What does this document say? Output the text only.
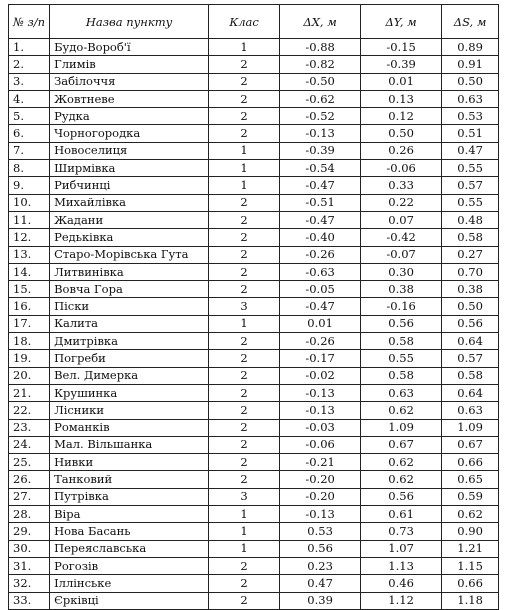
№ з/п	Назва пункту	Клас	ΔX, м	ΔY, м	ΔS, м
1.	Будо-Вороб'ї	1	-0.88	-0.15	0.89
2.	Глимів	2	-0.82	-0.39	0.91
3.	Забілоччя	2	-0.50	0.01	0.50
4.	Жовтневе	2	-0.62	0.13	0.63
5.	Рудка	2	-0.52	0.12	0.53
6.	Чорногородка	2	-0.13	0.50	0.51
7.	Новоселиця	1	-0.39	0.26	0.47
8.	Ширмівка	1	-0.54	-0.06	0.55
9.	Рибчинці	1	-0.47	0.33	0.57
10.	Михайлівка	2	-0.51	0.22	0.55
11.	Жадани	2	-0.47	0.07	0.48
12.	Редьківка	2	-0.40	-0.42	0.58
13.	Старо-Морівська Гута	2	-0.26	-0.07	0.27
14.	Литвинівка	2	-0.63	0.30	0.70
15.	Вовча Гора	2	-0.05	0.38	0.38
16.	Піски	3	-0.47	-0.16	0.50
17.	Калита	1	0.01	0.56	0.56
18.	Дмитрівка	2	-0.26	0.58	0.64
19.	Погреби	2	-0.17	0.55	0.57
20.	Вел. Димерка	2	-0.02	0.58	0.58
21.	Крушинка	2	-0.13	0.63	0.64
22.	Лісники	2	-0.13	0.62	0.63
23.	Романків	2	-0.03	1.09	1.09
24.	Мал. Вільшанка	2	-0.06	0.67	0.67
25.	Нивки	2	-0.21	0.62	0.66
26.	Танковий	2	-0.20	0.62	0.65
27.	Путрівка	3	-0.20	0.56	0.59
28.	Віра	1	-0.13	0.61	0.62
29.	Нова Басань	1	0.53	0.73	0.90
30.	Переяславська	1	0.56	1.07	1.21
31.	Рогозів	2	0.23	1.13	1.15
32.	Іллінське	2	0.47	0.46	0.66
33.	Єрківці	2	0.39	1.12	1.18
